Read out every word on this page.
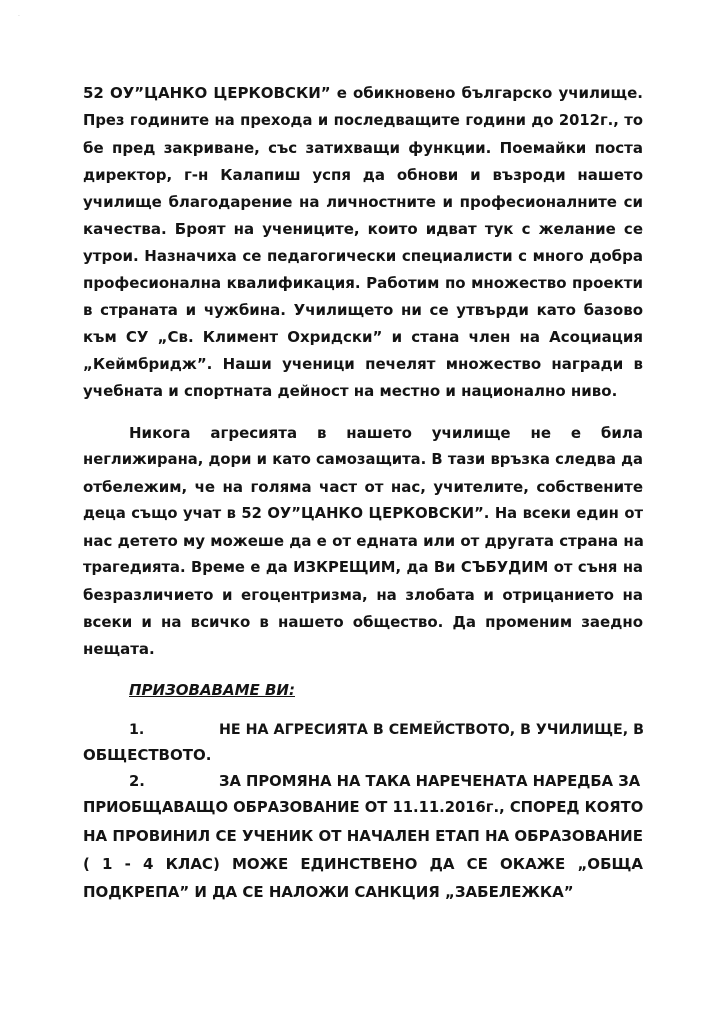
·
52 ОУ”ЦАНКО ЦЕРКОВСКИ” е обикновено българско училище.
През годините на прехода и последващите години до 2012г., то
бе пред закриване, със затихващи функции. Поемайки поста
директор, г-н Калапиш успя да обнови и възроди нашето
училище благодарение на личностните и професионалните си
качества. Броят на учениците, които идват тук с желание се
утрои. Назначиха се педагогически специалисти с много добра
професионална квалификация. Работим по множество проекти
в страната и чужбина. Училището ни се утвърди като базово
към СУ „Св. Климент Охридски” и стана член на Асоциация
„Кеймбридж”. Наши ученици печелят множество награди в
учебната и спортната дейност на местно и национално ниво.
Никога агресията в нашето училище не е била
неглижирана, дори и като самозащита. В тази връзка следва да
отбележим, че на голяма част от нас, учителите, собствените
деца също учат в 52 ОУ”ЦАНКО ЦЕРКОВСКИ”. На всеки един от
нас детето му можеше да е от едната или от другата страна на
трагедията. Време е да ИЗКРЕЩИМ, да Ви СЪБУДИМ от съня на
безразличието и егоцентризма, на злобата и отрицанието на
всеки и на всичко в нашето общество. Да променим заедно
нещата.
ПРИЗОВАВАМЕ ВИ:
1.	НЕ НА АГРЕСИЯТА В СЕМЕЙСТВОТО, В УЧИЛИЩЕ, В
ОБЩЕСТВОТО.
2.	ЗА ПРОМЯНА НА ТАКА НАРЕЧЕНАТА НАРЕДБА ЗА
ПРИОБЩАВАЩО ОБРАЗОВАНИЕ ОТ 11.11.2016г., СПОРЕД КОЯТО
НА ПРОВИНИЛ СЕ УЧЕНИК ОТ НАЧАЛЕН ЕТАП НА ОБРАЗОВАНИЕ
( 1 - 4 КЛАС) МОЖЕ ЕДИНСТВЕНО ДА СЕ ОКАЖЕ „ОБЩА
ПОДКРЕПА” И ДА СЕ НАЛОЖИ САНКЦИЯ „ЗАБЕЛЕЖКА”
